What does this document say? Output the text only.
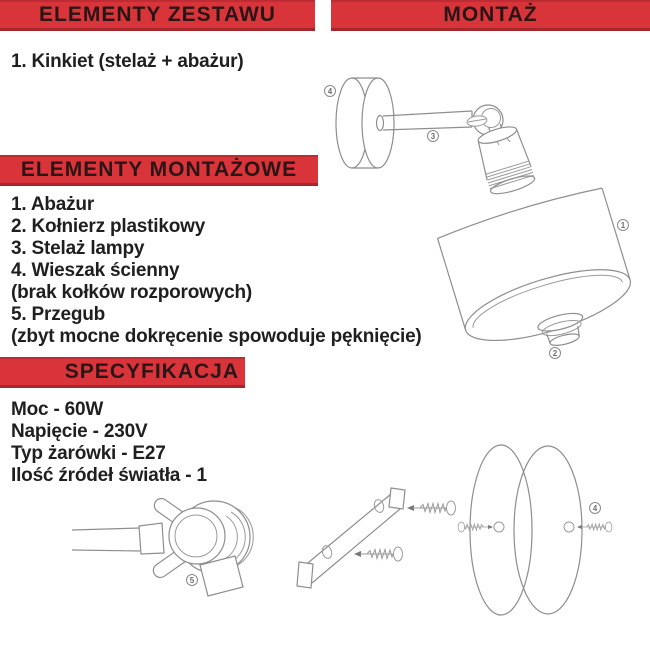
ELEMENTY ZESTAWU	MONTAŻ
ELEMENTY MONTAŻOWE
SPECYFIKACJA
1. Kinkiet (stelaż + abażur)
1. Abażur
2. Kołnierz plastikowy
3. Stelaż lampy
4. Wieszak ścienny
(brak kołków rozporowych)
5. Przegub
(zbyt mocne dokręcenie spowoduje pęknięcie)
Moc - 60W
Napięcie - 230V
Typ żarówki - E27
Ilość źródeł światła - 1
1
2
3
4
5
4
